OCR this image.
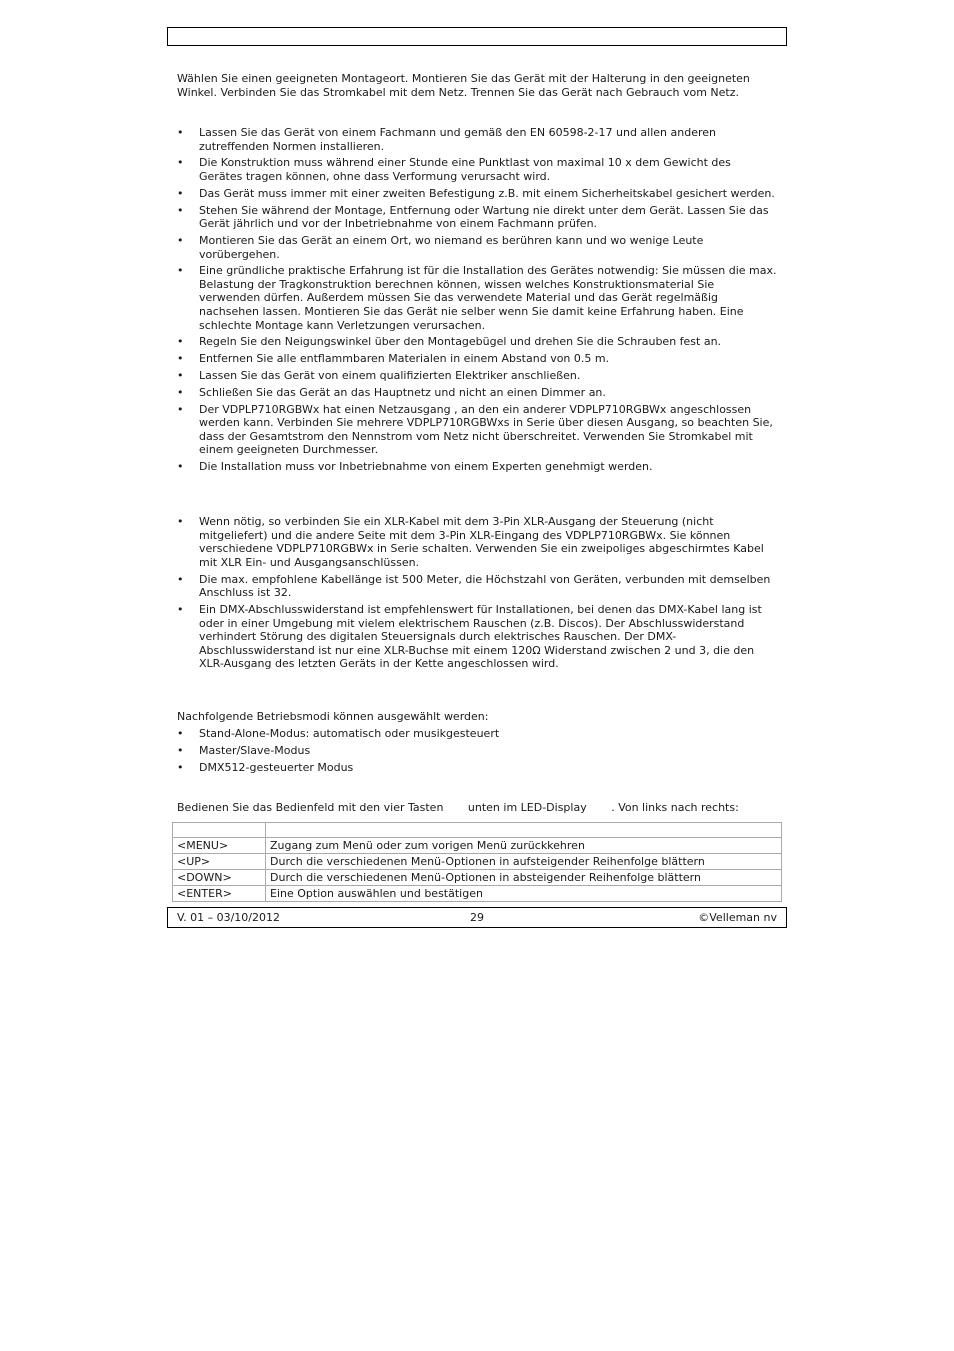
Wählen Sie einen geeigneten Montageort. Montieren Sie das Gerät mit der Halterung in den geeigneten Winkel. Verbinden Sie das Stromkabel mit dem Netz. Trennen Sie das Gerät nach Gebrauch vom Netz.

•	Lassen Sie das Gerät von einem Fachmann und gemäß den EN 60598-2-17 und allen anderen zutreffenden Normen installieren.
•	Die Konstruktion muss während einer Stunde eine Punktlast von maximal 10 x dem Gewicht des Gerätes tragen können, ohne dass Verformung verursacht wird.
•	Das Gerät muss immer mit einer zweiten Befestigung z.B. mit einem Sicherheitskabel gesichert werden.
•	Stehen Sie während der Montage, Entfernung oder Wartung nie direkt unter dem Gerät. Lassen Sie das Gerät jährlich und vor der Inbetriebnahme von einem Fachmann prüfen.
•	Montieren Sie das Gerät an einem Ort, wo niemand es berühren kann und wo wenige Leute vorübergehen.
•	Eine gründliche praktische Erfahrung ist für die Installation des Gerätes notwendig: Sie müssen die max. Belastung der Tragkonstruktion berechnen können, wissen welches Konstruktionsmaterial Sie verwenden dürfen. Außerdem müssen Sie das verwendete Material und das Gerät regelmäßig nachsehen lassen. Montieren Sie das Gerät nie selber wenn Sie damit keine Erfahrung haben. Eine schlechte Montage kann Verletzungen verursachen.
•	Regeln Sie den Neigungswinkel über den Montagebügel und drehen Sie die Schrauben fest an.
•	Entfernen Sie alle entflammbaren Materialen in einem Abstand von 0.5 m.
•	Lassen Sie das Gerät von einem qualifizierten Elektriker anschließen.
•	Schließen Sie das Gerät an das Hauptnetz und nicht an einen Dimmer an.
•	Der VDPLP710RGBWx hat einen Netzausgang , an den ein anderer VDPLP710RGBWx angeschlossen werden kann. Verbinden Sie mehrere VDPLP710RGBWxs in Serie über diesen Ausgang, so beachten Sie, dass der Gesamtstrom den Nennstrom vom Netz nicht überschreitet. Verwenden Sie Stromkabel mit einem geeigneten Durchmesser.
•	Die Installation muss vor Inbetriebnahme von einem Experten genehmigt werden.
•	Wenn nötig, so verbinden Sie ein XLR-Kabel mit dem 3-Pin XLR-Ausgang der Steuerung (nicht mitgeliefert) und die andere Seite mit dem 3-Pin XLR-Eingang des VDPLP710RGBWx. Sie können verschiedene VDPLP710RGBWx in Serie schalten. Verwenden Sie ein zweipoliges abgeschirmtes Kabel mit XLR Ein- und Ausgangsanschlüssen.
•	Die max. empfohlene Kabellänge ist 500 Meter, die Höchstzahl von Geräten, verbunden mit demselben Anschluss ist 32.
•	Ein DMX-Abschlusswiderstand ist empfehlenswert für Installationen, bei denen das DMX-Kabel lang ist oder in einer Umgebung mit vielem elektrischem Rauschen (z.B. Discos). Der Abschlusswiderstand verhindert Störung des digitalen Steuersignals durch elektrisches Rauschen. Der DMX-Abschlusswiderstand ist nur eine XLR-Buchse mit einem 120Ω Widerstand zwischen 2 und 3, die den XLR-Ausgang des letzten Geräts in der Kette angeschlossen wird.

Nachfolgende Betriebsmodi können ausgewählt werden:

•	Stand-Alone-Modus: automatisch oder musikgesteuert
•	Master/Slave-Modus
•	DMX512-gesteuerter Modus

Bedienen Sie das Bedienfeld mit den vier Tasten       unten im LED-Display       . Von links nach rechts:

<MENU>	Zugang zum Menü oder zum vorigen Menü zurückkehren
<UP>	Durch die verschiedenen Menü-Optionen in aufsteigender Reihenfolge blättern
<DOWN>	Durch die verschiedenen Menü-Optionen in absteigender Reihenfolge blättern
<ENTER>	Eine Option auswählen und bestätigen
V. 01 – 03/10/2012	29	©Velleman nv
